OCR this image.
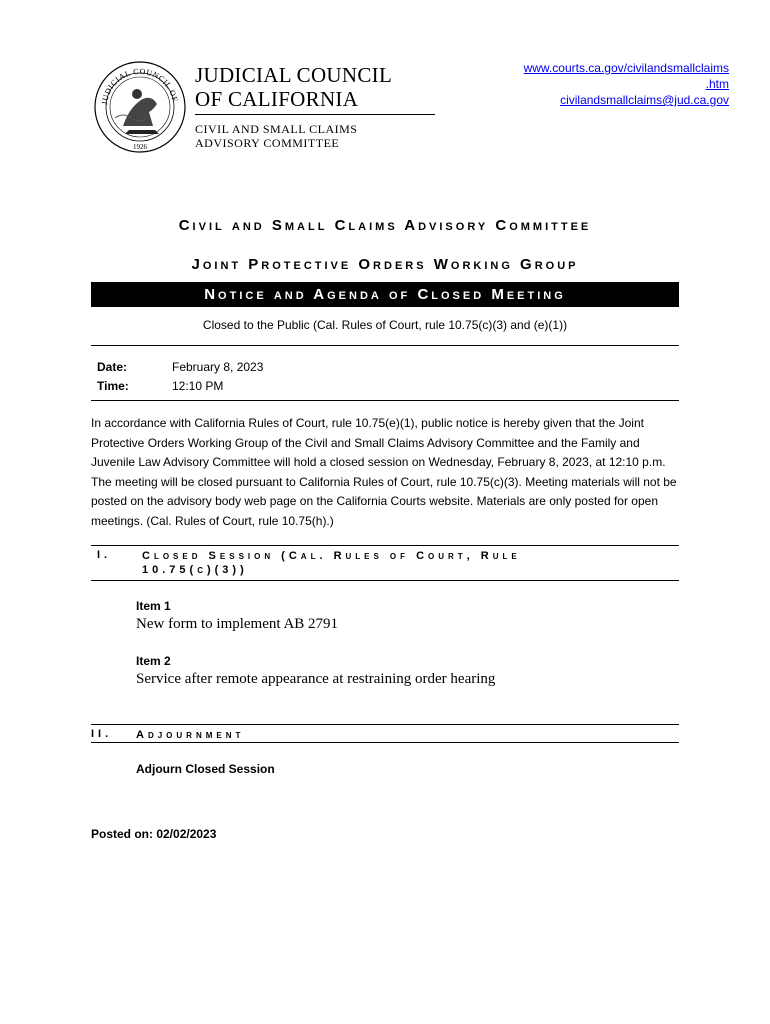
JUDICIAL COUNCIL OF
1926
JUDICIAL COUNCIL
OF CALIFORNIA
CIVIL AND SMALL CLAIMS
ADVISORY COMMITTEE
www.courts.ca.gov/civilandsmallclaims
.htm
civilandsmallclaims@jud.ca.gov
Civil and Small Claims Advisory Committee
Joint Protective Orders Working Group
Notice and Agenda of Closed Meeting
Closed to the Public (Cal. Rules of Court, rule 10.75(c)(3) and (e)(1))
Date:	February 8, 2023
Time:	12:10 PM
In accordance with California Rules of Court, rule 10.75(e)(1), public notice is hereby given that the Joint Protective Orders Working Group of the Civil and Small Claims Advisory Committee and the Family and Juvenile Law Advisory Committee will hold a closed session on Wednesday, February 8, 2023, at 12:10 p.m. The meeting will be closed pursuant to California Rules of Court, rule 10.75(c)(3). Meeting materials will not be posted on the advisory body web page on the California Courts website. Materials are only posted for open meetings. (Cal. Rules of Court, rule 10.75(h).)
I.	Closed Session (Cal. Rules of Court, Rule 10.75(c)(3))
Item 1
New form to implement AB 2791
Item 2
Service after remote appearance at restraining order hearing
II. Adjournment
Adjourn Closed Session
Posted on: 02/02/2023
